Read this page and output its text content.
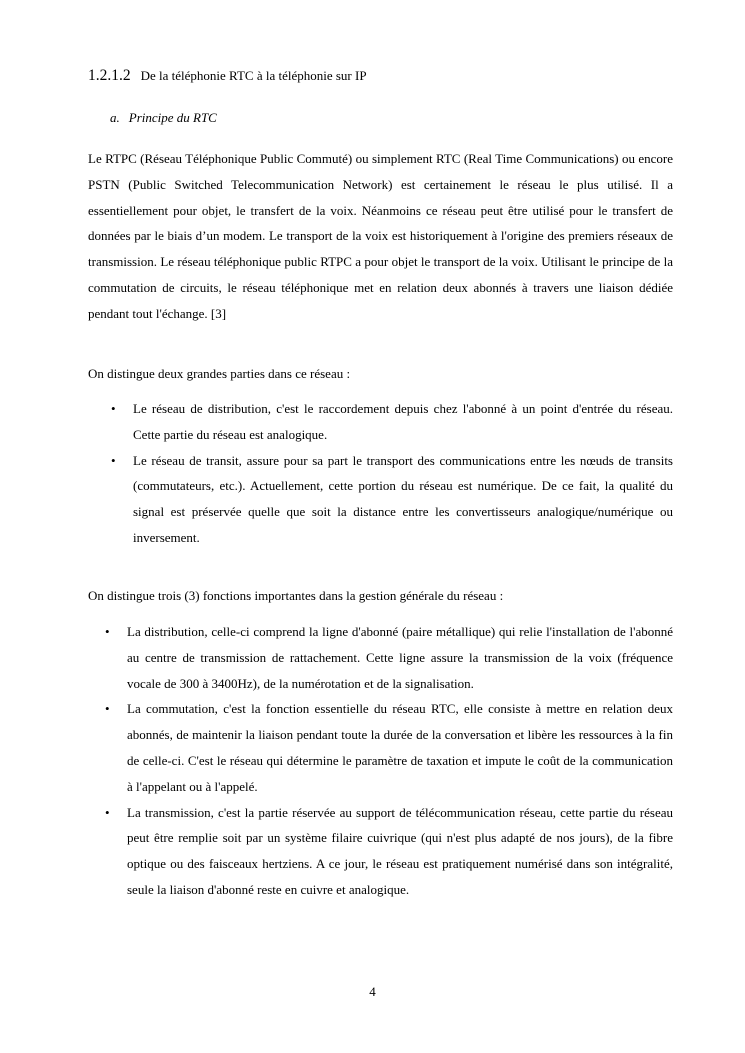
1.2.1.2 De la téléphonie RTC à la téléphonie sur IP
a. Principe du RTC

Le RTPC (Réseau Téléphonique Public Commuté) ou simplement RTC (Real Time Communications) ou encore PSTN (Public Switched Telecommunication Network) est certainement le réseau le plus utilisé. Il a essentiellement pour objet, le transfert de la voix. Néanmoins ce réseau peut être utilisé pour le transfert de données par le biais d’un modem. Le transport de la voix est historiquement à l'origine des premiers réseaux de transmission. Le réseau téléphonique public RTPC a pour objet le transport de la voix. Utilisant le principe de la commutation de circuits, le réseau téléphonique met en relation deux abonnés à travers une liaison dédiée pendant tout l'échange. [3]

On distingue deux grandes parties dans ce réseau :

• Le réseau de distribution, c'est le raccordement depuis chez l'abonné à un point d'entrée du réseau. Cette partie du réseau est analogique.
• Le réseau de transit, assure pour sa part le transport des communications entre les nœuds de transits (commutateurs, etc.). Actuellement, cette portion du réseau est numérique. De ce fait, la qualité du signal est préservée quelle que soit la distance entre les convertisseurs analogique/numérique ou inversement.

On distingue trois (3) fonctions importantes dans la gestion générale du réseau :

• La distribution, celle-ci comprend la ligne d'abonné (paire métallique) qui relie l'installation de l'abonné au centre de transmission de rattachement. Cette ligne assure la transmission de la voix (fréquence vocale de 300 à 3400Hz), de la numérotation et de la signalisation.
• La commutation, c'est la fonction essentielle du réseau RTC, elle consiste à mettre en relation deux abonnés, de maintenir la liaison pendant toute la durée de la conversation et libère les ressources à la fin de celle-ci. C'est le réseau qui détermine le paramètre de taxation et impute le coût de la communication à l'appelant ou à l'appelé.
• La transmission, c'est la partie réservée au support de télécommunication réseau, cette partie du réseau peut être remplie soit par un système filaire cuivrique (qui n'est plus adapté de nos jours), de la fibre optique ou des faisceaux hertziens. A ce jour, le réseau est pratiquement numérisé dans son intégralité, seule la liaison d'abonné reste en cuivre et analogique.
4
